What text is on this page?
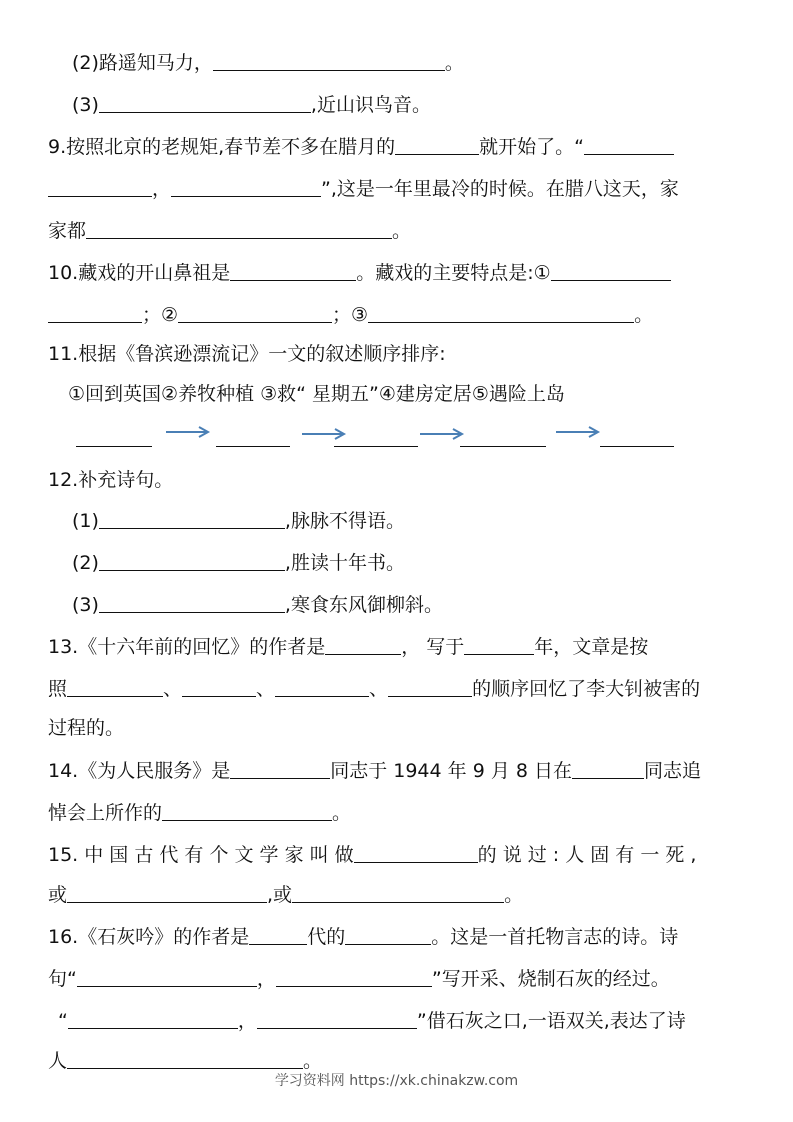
(2)路遥知马力，	。
(3)	,近山识鸟音。
9.按照北京的老规矩,春节差不多在腊月的	就开始了。“
，	”,这是一年里最冷的时候。在腊八这天，家
家都	。
10.藏戏的开山鼻祖是	。藏戏的主要特点是:①
；②	；③	。
11.根据《鲁滨逊漂流记》一文的叙述顺序排序:
①回到英国②养牧种植 ③救“ 星期五”④建房定居⑤遇险上岛
12.补充诗句。
(1)	,脉脉不得语。
(2)	,胜读十年书。
(3)	,寒食东风御柳斜。
13.《十六年前的回忆》的作者是	， 写于	年，文章是按
照	、	、	、	的顺序回忆了李大钊被害的
过程的。
14.《为人民服务》是	同志于 1944 年 9 月 8 日在	同志追
悼会上所作的	。
15. 中 国 古 代 有 个 文 学 家 叫 做	的 说 过 : 人 固 有 一 死 ,
或	,或	。
16.《石灰吟》的作者是	代的	。这是一首托物言志的诗。诗
句“	，	”写开采、烧制石灰的经过。
“	，	”借石灰之口,一语双关,表达了诗
人	。
学习资料网 https://xk.chinakzw.com
